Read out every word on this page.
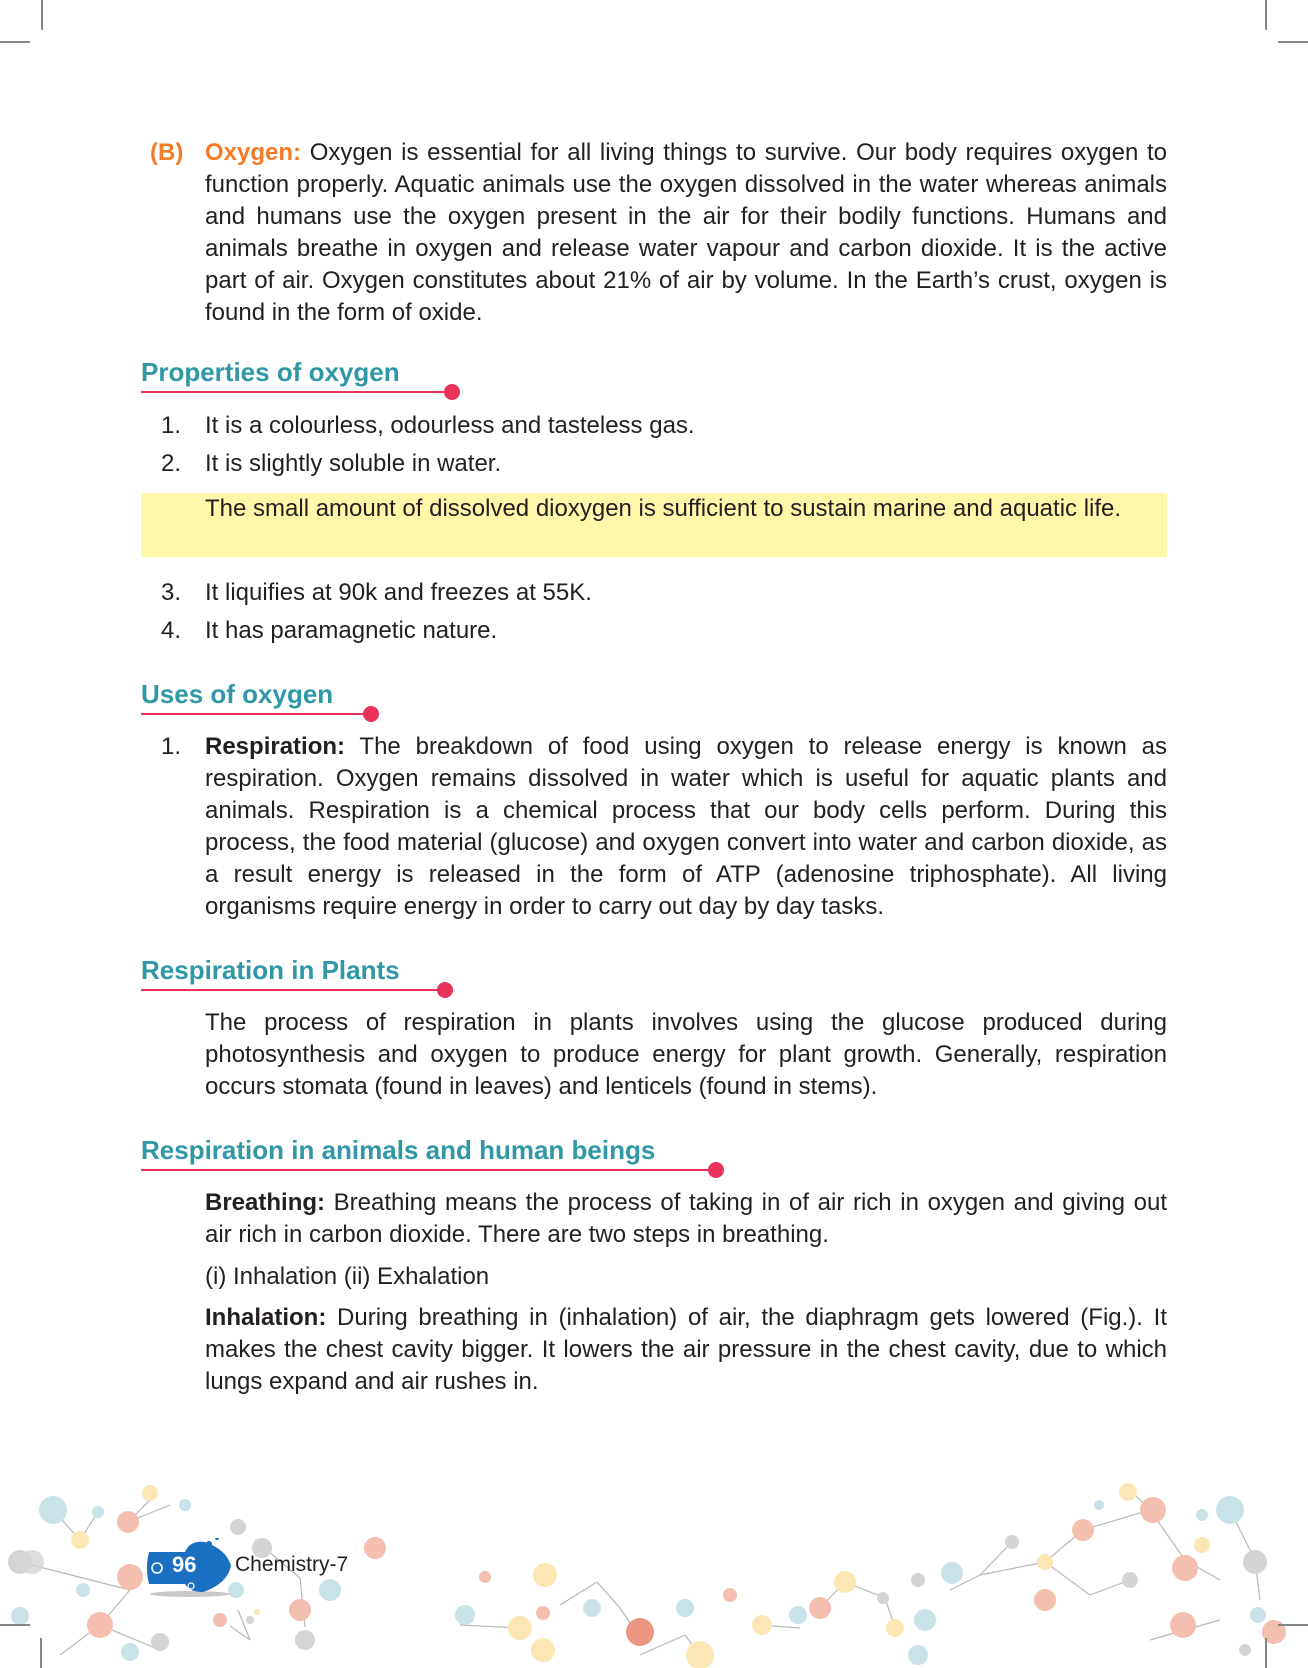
(B) Oxygen: Oxygen is essential for all living things to survive. Our body requires oxygen to function properly. Aquatic animals use the oxygen dissolved in the water whereas animals and humans use the oxygen present in the air for their bodily functions. Humans and animals breathe in oxygen and release water vapour and carbon dioxide. It is the active part of air. Oxygen constitutes about 21% of air by volume. In the Earth’s crust, oxygen is found in the form of oxide.

Properties of oxygen
1. It is a colourless, odourless and tasteless gas.
2. It is slightly soluble in water.
The small amount of dissolved dioxygen is sufficient to sustain marine and aquatic life.
3. It liquifies at 90k and freezes at 55K.
4. It has paramagnetic nature.
Uses of oxygen
1. Respiration: The breakdown of food using oxygen to release energy is known as respiration. Oxygen remains dissolved in water which is useful for aquatic plants and animals. Respiration is a chemical process that our body cells perform. During this process, the food material (glucose) and oxygen convert into water and carbon dioxide, as a result energy is released in the form of ATP (adenosine triphosphate). All living organisms require energy in order to carry out day by day tasks.

Respiration in Plants
The process of respiration in plants involves using the glucose produced during photosynthesis and oxygen to produce energy for plant growth. Generally, respiration occurs stomata (found in leaves) and lenticels (found in stems).
Respiration in animals and human beings

Breathing: Breathing means the process of taking in of air rich in oxygen and giving out air rich in carbon dioxide. There are two steps in breathing.

(i) Inhalation (ii) Exhalation

Inhalation: During breathing in (inhalation) of air, the diaphragm gets lowered (Fig.). It makes the chest cavity bigger. It lowers the air pressure in the chest cavity, due to which lungs expand and air rushes in.

96 Chemistry-7
